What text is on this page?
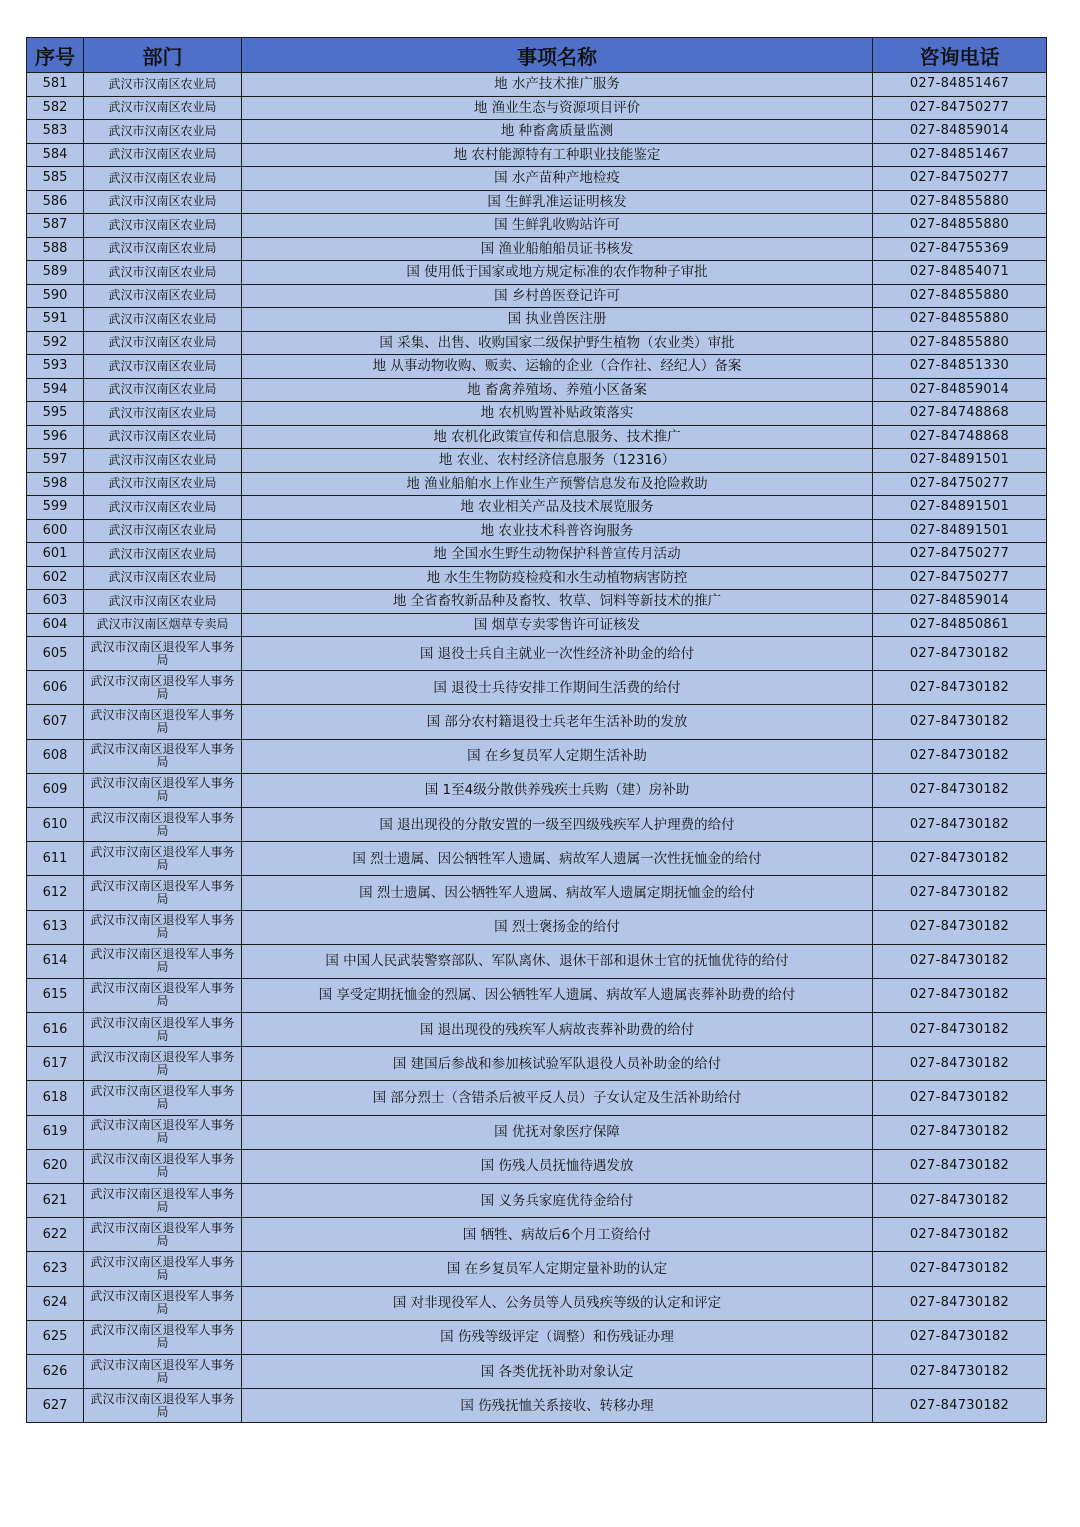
序号	部门	事项名称	咨询电话
581	武汉市汉南区农业局	地 水产技术推广服务	027-84851467
582	武汉市汉南区农业局	地 渔业生态与资源项目评价	027-84750277
583	武汉市汉南区农业局	地 种畜禽质量监测	027-84859014
584	武汉市汉南区农业局	地 农村能源特有工种职业技能鉴定	027-84851467
585	武汉市汉南区农业局	国 水产苗种产地检疫	027-84750277
586	武汉市汉南区农业局	国 生鲜乳准运证明核发	027-84855880
587	武汉市汉南区农业局	国 生鲜乳收购站许可	027-84855880
588	武汉市汉南区农业局	国 渔业船舶船员证书核发	027-84755369
589	武汉市汉南区农业局	国 使用低于国家或地方规定标准的农作物种子审批	027-84854071
590	武汉市汉南区农业局	国 乡村兽医登记许可	027-84855880
591	武汉市汉南区农业局	国 执业兽医注册	027-84855880
592	武汉市汉南区农业局	国 采集、出售、收购国家二级保护野生植物（农业类）审批	027-84855880
593	武汉市汉南区农业局	地 从事动物收购、贩卖、运输的企业（合作社、经纪人）备案	027-84851330
594	武汉市汉南区农业局	地 畜禽养殖场、养殖小区备案	027-84859014
595	武汉市汉南区农业局	地 农机购置补贴政策落实	027-84748868
596	武汉市汉南区农业局	地 农机化政策宣传和信息服务、技术推广	027-84748868
597	武汉市汉南区农业局	地 农业、农村经济信息服务（12316）	027-84891501
598	武汉市汉南区农业局	地 渔业船舶水上作业生产预警信息发布及抢险救助	027-84750277
599	武汉市汉南区农业局	地 农业相关产品及技术展览服务	027-84891501
600	武汉市汉南区农业局	地 农业技术科普咨询服务	027-84891501
601	武汉市汉南区农业局	地 全国水生野生动物保护科普宣传月活动	027-84750277
602	武汉市汉南区农业局	地 水生生物防疫检疫和水生动植物病害防控	027-84750277
603	武汉市汉南区农业局	地 全省畜牧新品种及畜牧、牧草、饲料等新技术的推广	027-84859014
604	武汉市汉南区烟草专卖局	国 烟草专卖零售许可证核发	027-84850861
605	武汉市汉南区退役军人事务局	国 退役士兵自主就业一次性经济补助金的给付	027-84730182
606	武汉市汉南区退役军人事务局	国 退役士兵待安排工作期间生活费的给付	027-84730182
607	武汉市汉南区退役军人事务局	国 部分农村籍退役士兵老年生活补助的发放	027-84730182
608	武汉市汉南区退役军人事务局	国 在乡复员军人定期生活补助	027-84730182
609	武汉市汉南区退役军人事务局	国 1至4级分散供养残疾士兵购（建）房补助	027-84730182
610	武汉市汉南区退役军人事务局	国 退出现役的分散安置的一级至四级残疾军人护理费的给付	027-84730182
611	武汉市汉南区退役军人事务局	国 烈士遗属、因公牺牲军人遗属、病故军人遗属一次性抚恤金的给付	027-84730182
612	武汉市汉南区退役军人事务局	国 烈士遗属、因公牺牲军人遗属、病故军人遗属定期抚恤金的给付	027-84730182
613	武汉市汉南区退役军人事务局	国 烈士褒扬金的给付	027-84730182
614	武汉市汉南区退役军人事务局	国 中国人民武装警察部队、军队离休、退休干部和退休士官的抚恤优待的给付	027-84730182
615	武汉市汉南区退役军人事务局	国 享受定期抚恤金的烈属、因公牺牲军人遗属、病故军人遗属丧葬补助费的给付	027-84730182
616	武汉市汉南区退役军人事务局	国 退出现役的残疾军人病故丧葬补助费的给付	027-84730182
617	武汉市汉南区退役军人事务局	国 建国后参战和参加核试验军队退役人员补助金的给付	027-84730182
618	武汉市汉南区退役军人事务局	国 部分烈士（含错杀后被平反人员）子女认定及生活补助给付	027-84730182
619	武汉市汉南区退役军人事务局	国 优抚对象医疗保障	027-84730182
620	武汉市汉南区退役军人事务局	国 伤残人员抚恤待遇发放	027-84730182
621	武汉市汉南区退役军人事务局	国 义务兵家庭优待金给付	027-84730182
622	武汉市汉南区退役军人事务局	国 牺牲、病故后6个月工资给付	027-84730182
623	武汉市汉南区退役军人事务局	国 在乡复员军人定期定量补助的认定	027-84730182
624	武汉市汉南区退役军人事务局	国 对非现役军人、公务员等人员残疾等级的认定和评定	027-84730182
625	武汉市汉南区退役军人事务局	国 伤残等级评定（调整）和伤残证办理	027-84730182
626	武汉市汉南区退役军人事务局	国 各类优抚补助对象认定	027-84730182
627	武汉市汉南区退役军人事务局	国 伤残抚恤关系接收、转移办理	027-84730182
